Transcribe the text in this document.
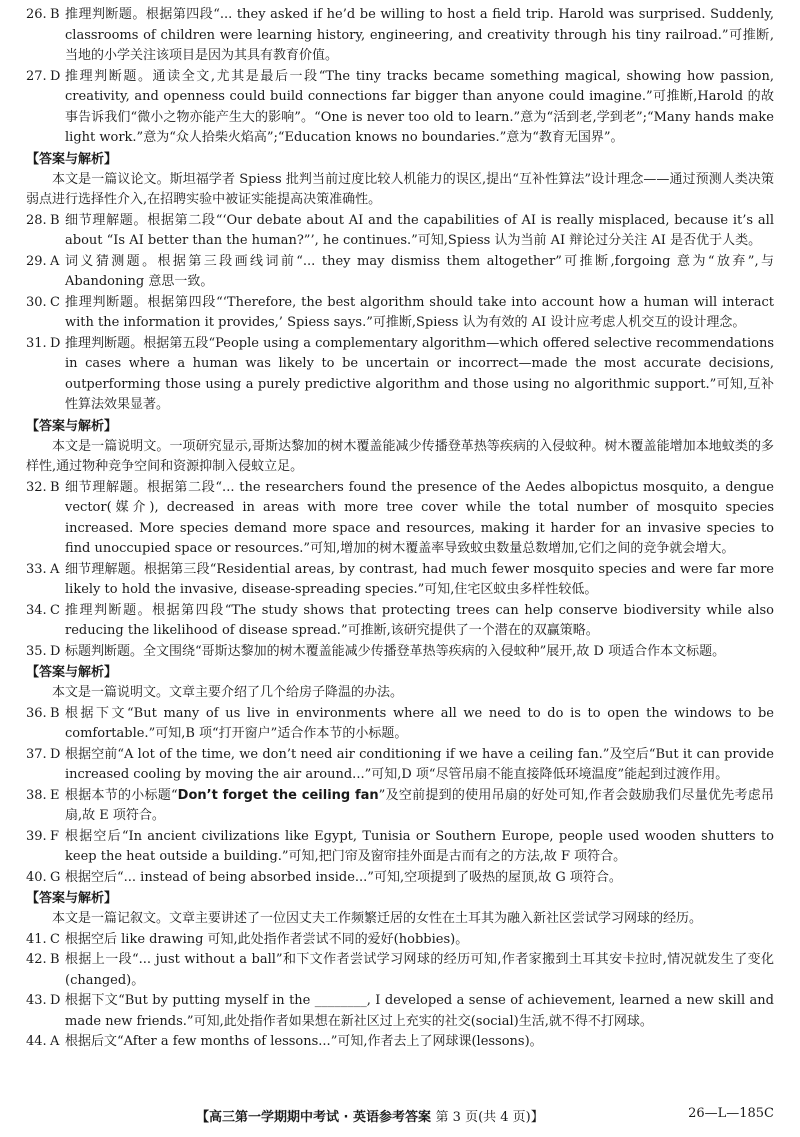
26. B 推理判断题。根据第四段“... they asked if he’d be willing to host a field trip. Harold was surprised. Suddenly, classrooms of children were learning history, engineering, and creativity through his tiny railroad.”可推断,当地的小学关注该项目是因为其具有教育价值。
27. D 推理判断题。通读全文,尤其是最后一段“The tiny tracks became something magical, showing how passion, creativity, and openness could build connections far bigger than anyone could imagine.”可推断,Harold 的故事告诉我们“微小之物亦能产生大的影响”。“One is never too old to learn.”意为“活到老,学到老”;“Many hands make light work.”意为“众人拾柴火焰高”;“Education knows no boundaries.”意为“教育无国界”。
【答案与解析】

本文是一篇议论文。斯坦福学者 Spiess 批判当前过度比较人机能力的误区,提出“互补性算法”设计理念——通过预测人类决策弱点进行选择性介入,在招聘实验中被证实能提高决策准确性。

28. B 细节理解题。根据第二段“‘Our debate about AI and the capabilities of AI is really misplaced, because it’s all about “Is AI better than the human?”’, he continues.”可知,Spiess 认为当前 AI 辩论过分关注 AI 是否优于人类。
29. A 词义猜测题。根据第三段画线词前“... they may dismiss them altogether”可推断,forgoing 意为“放弃”,与 Abandoning 意思一致。
30. C 推理判断题。根据第四段“‘Therefore, the best algorithm should take into account how a human will interact with the information it provides,’ Spiess says.”可推断,Spiess 认为有效的 AI 设计应考虑人机交互的设计理念。
31. D 推理判断题。根据第五段“People using a complementary algorithm—which offered selective recommendations in cases where a human was likely to be uncertain or incorrect—made the most accurate decisions, outperforming those using a purely predictive algorithm and those using no algorithmic support.”可知,互补性算法效果显著。
【答案与解析】

本文是一篇说明文。一项研究显示,哥斯达黎加的树木覆盖能减少传播登革热等疾病的入侵蚊种。树木覆盖能增加本地蚊类的多样性,通过物种竞争空间和资源抑制入侵蚊立足。

32. B 细节理解题。根据第二段“... the researchers found the presence of the Aedes albopictus mosquito, a dengue vector(媒介), decreased in areas with more tree cover while the total number of mosquito species increased. More species demand more space and resources, making it harder for an invasive species to find unoccupied space or resources.”可知,增加的树木覆盖率导致蚊虫数量总数增加,它们之间的竞争就会增大。
33. A 细节理解题。根据第三段“Residential areas, by contrast, had much fewer mosquito species and were far more likely to hold the invasive, disease-spreading species.”可知,住宅区蚊虫多样性较低。
34. C 推理判断题。根据第四段“The study shows that protecting trees can help conserve biodiversity while also reducing the likelihood of disease spread.”可推断,该研究提供了一个潜在的双赢策略。
35. D 标题判断题。全文围绕“哥斯达黎加的树木覆盖能减少传播登革热等疾病的入侵蚊种”展开,故 D 项适合作本文标题。
【答案与解析】

本文是一篇说明文。文章主要介绍了几个给房子降温的办法。

36. B 根据下文“But many of us live in environments where all we need to do is to open the windows to be comfortable.”可知,B 项“打开窗户”适合作本节的小标题。
37. D 根据空前“A lot of the time, we don’t need air conditioning if we have a ceiling fan.”及空后“But it can provide increased cooling by moving the air around...”可知,D 项“尽管吊扇不能直接降低环境温度”能起到过渡作用。
38. E 根据本节的小标题“Don’t forget the ceiling fan”及空前提到的使用吊扇的好处可知,作者会鼓励我们尽量优先考虑吊扇,故 E 项符合。
39. F 根据空后“In ancient civilizations like Egypt, Tunisia or Southern Europe, people used wooden shutters to keep the heat outside a building.”可知,把门帘及窗帘挂外面是古而有之的方法,故 F 项符合。
40. G 根据空后“... instead of being absorbed inside...”可知,空项提到了吸热的屋顶,故 G 项符合。
【答案与解析】

本文是一篇记叙文。文章主要讲述了一位因丈夫工作频繁迁居的女性在土耳其为融入新社区尝试学习网球的经历。

41. C 根据空后 like drawing 可知,此处指作者尝试不同的爱好(hobbies)。
42. B 根据上一段“... just without a ball”和下文作者尝试学习网球的经历可知,作者家搬到土耳其安卡拉时,情况就发生了变化(changed)。
43. D 根据下文“But by putting myself in the ________, I developed a sense of achievement, learned a new skill and made new friends.”可知,此处指作者如果想在新社区过上充实的社交(social)生活,就不得不打网球。
44. A 根据后文“After a few months of lessons...”可知,作者去上了网球课(lessons)。
【高三第一学期期中考试 · 英语参考答案 第 3 页(共 4 页)】	26—L—185C
